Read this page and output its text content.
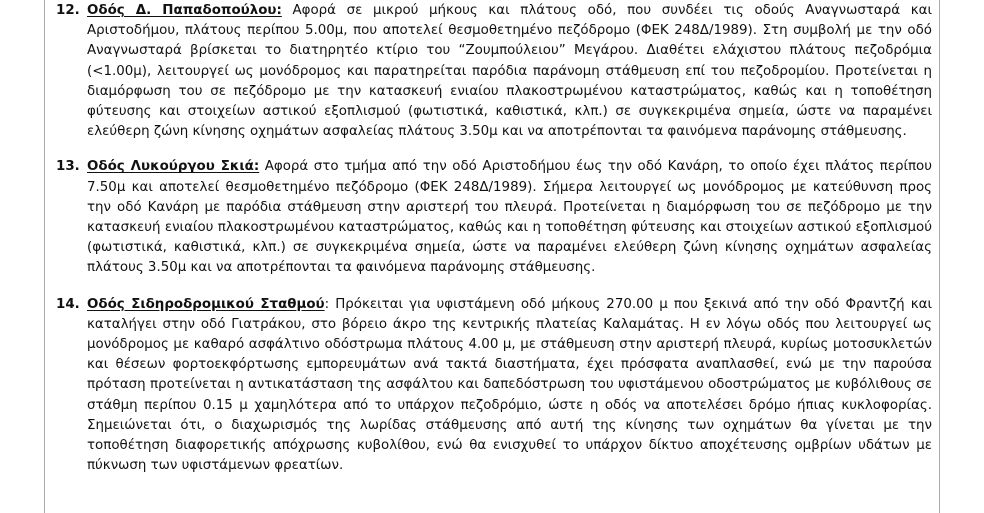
12. Οδός Δ. Παπαδοπούλου: Αφορά σε μικρού μήκους και πλάτους οδό, που συνδέει τις οδούς Αναγνωσταρά και Αριστοδήμου, πλάτους περίπου 5.00μ, που αποτελεί θεσμοθετημένο πεζόδρομο (ΦΕΚ 248Δ/1989). Στη συμβολή με την οδό Αναγνωσταρά βρίσκεται το διατηρητέο κτίριο του “Ζουμπούλειου” Μεγάρου. Διαθέτει ελάχιστου πλάτους πεζοδρόμια (<1.00μ), λειτουργεί ως μονόδρομος και παρατηρείται παρόδια παράνομη στάθμευση επί του πεζοδρομίου. Προτείνεται η διαμόρφωση του σε πεζόδρομο με την κατασκευή ενιαίου πλακοστρωμένου καταστρώματος, καθώς και η τοποθέτηση φύτευσης και στοιχείων αστικού εξοπλισμού (φωτιστικά, καθιστικά, κλπ.) σε συγκεκριμένα σημεία, ώστε να παραμένει ελεύθερη ζώνη κίνησης οχημάτων ασφαλείας πλάτους 3.50μ και να αποτρέπονται τα φαινόμενα παράνομης στάθμευσης.
13. Οδός Λυκούργου Σκιά: Αφορά στο τμήμα από την οδό Αριστοδήμου έως την οδό Κανάρη, το οποίο έχει πλάτος περίπου 7.50μ και αποτελεί θεσμοθετημένο πεζόδρομο (ΦΕΚ 248Δ/1989). Σήμερα λειτουργεί ως μονόδρομος με κατεύθυνση προς την οδό Κανάρη με παρόδια στάθμευση στην αριστερή του πλευρά. Προτείνεται η διαμόρφωση του σε πεζόδρομο με την κατασκευή ενιαίου πλακοστρωμένου καταστρώματος, καθώς και η τοποθέτηση φύτευσης και στοιχείων αστικού εξοπλισμού (φωτιστικά, καθιστικά, κλπ.) σε συγκεκριμένα σημεία, ώστε να παραμένει ελεύθερη ζώνη κίνησης οχημάτων ασφαλείας πλάτους 3.50μ και να αποτρέπονται τα φαινόμενα παράνομης στάθμευσης.
14. Οδός Σιδηροδρομικού Σταθμού: Πρόκειται για υφιστάμενη οδό μήκους 270.00 μ που ξεκινά από την οδό Φραντζή και καταλήγει στην οδό Γιατράκου, στο βόρειο άκρο της κεντρικής πλατείας Καλαμάτας. Η εν λόγω οδός που λειτουργεί ως μονόδρομος με καθαρό ασφάλτινο οδόστρωμα πλάτους 4.00 μ, με στάθμευση στην αριστερή πλευρά, κυρίως μοτοσυκλετών και θέσεων φορτοεκφόρτωσης εμπορευμάτων ανά τακτά διαστήματα, έχει πρόσφατα αναπλασθεί, ενώ με την παρούσα πρόταση προτείνεται η αντικατάσταση της ασφάλτου και δαπεδόστρωση του υφιστάμενου οδοστρώματος με κυβόλιθους σε στάθμη περίπου 0.15 μ χαμηλότερα από το υπάρχον πεζοδρόμιο, ώστε η οδός να αποτελέσει δρόμο ήπιας κυκλοφορίας. Σημειώνεται ότι, ο διαχωρισμός της λωρίδας στάθμευσης από αυτή της κίνησης των οχημάτων θα γίνεται με την τοποθέτηση διαφορετικής απόχρωσης κυβολίθου, ενώ θα ενισχυθεί το υπάρχον δίκτυο αποχέτευσης ομβρίων υδάτων με πύκνωση των υφιστάμενων φρεατίων.
